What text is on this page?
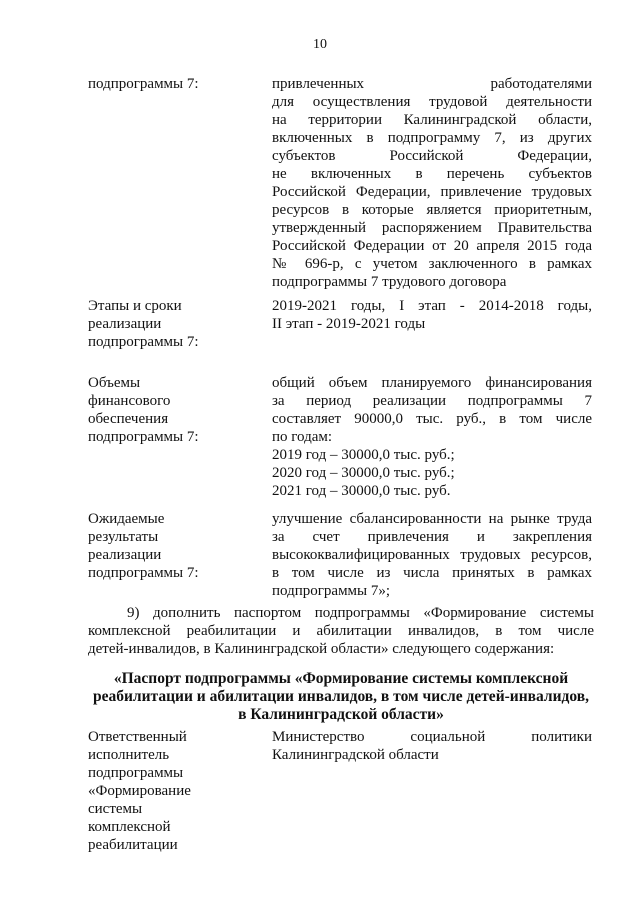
10

подпрограммы 7:	привлеченных работодателями

для осуществления трудовой деятельности

на территории Калининградской области,

включенных в подпрограмму 7, из других

субъектов Российской Федерации,

не включенных в перечень субъектов

Российской Федерации, привлечение трудовых

ресурсов в которые является приоритетным,

утвержденный распоряжением Правительства

Российской Федерации от 20 апреля 2015 года

№ 696-р, с учетом заключенного в рамках

подпрограммы 7 трудового договора

Этапы и сроки

реализации

подпрограммы 7:

2019-2021 годы, I этап - 2014-2018 годы,

II этап - 2019-2021 годы

Объемы

финансового

обеспечения

подпрограммы 7:

общий объем планируемого финансирования

за период реализации подпрограммы 7

составляет 90000,0 тыс. руб., в том числе

по годам:

2019 год – 30000,0 тыс. руб.;

2020 год – 30000,0 тыс. руб.;

2021 год – 30000,0 тыс. руб.

Ожидаемые

результаты

реализации

подпрограммы 7:

улучшение сбалансированности на рынке труда

за счет привлечения и закрепления

высококвалифицированных трудовых ресурсов,

в том числе из числа принятых в рамках

подпрограммы 7»;

9) дополнить паспортом подпрограммы «Формирование системы

комплексной реабилитации и абилитации инвалидов, в том числе

детей-инвалидов, в Калининградской области» следующего содержания:

«Паспорт подпрограммы «Формирование системы комплексной

реабилитации и абилитации инвалидов, в том числе детей-инвалидов,

в Калининградской области»

Ответственный

исполнитель

подпрограммы

«Формирование

системы

комплексной

реабилитации

Министерство социальной политики

Калининградской области
